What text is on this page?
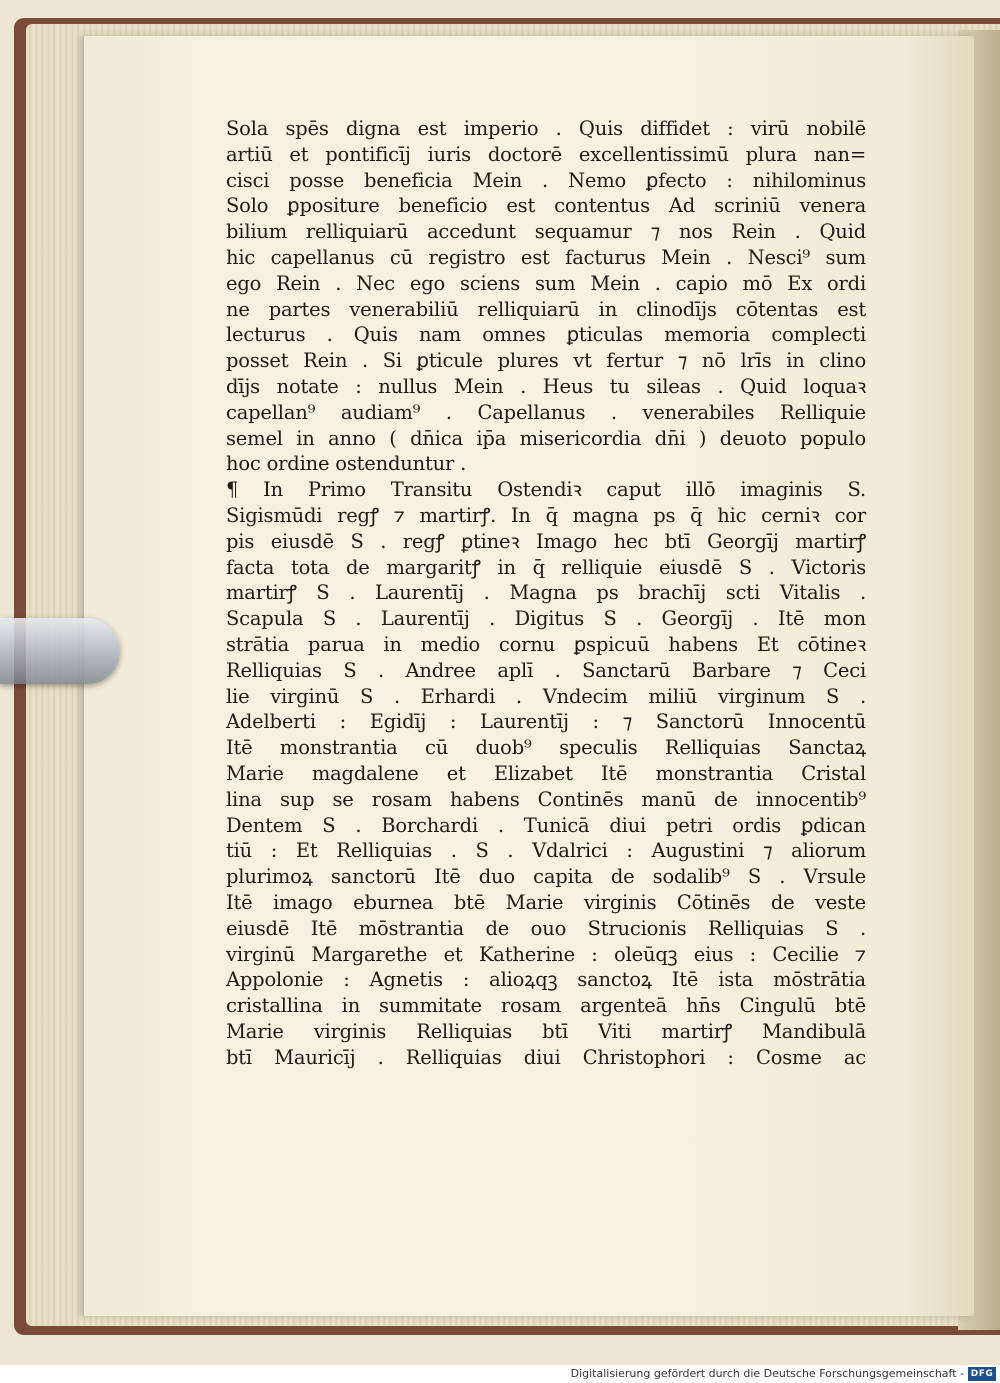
Sola spēs digna est imperio . Quis diffidet : virū nobilē
artiū et pontificīj iuris doctorē excellentissimū plura nan=
cisci posse beneficia Mein . Nemo ꝑfecto : nihilominus
Solo ꝑpositure beneficio est contentus Ad scriniū venera
bilium relliquiarū accedunt sequamur ⁊ nos Rein . Quid
hic capellanus cū registro est facturus Mein . Nesci⁹ sum
ego Rein . Nec ego sciens sum Mein . capio mō Ex ordi
ne partes venerabiliū relliquiarū in clinodīјs cōtentas est
lecturus . Quis nam omnes ꝑticulas memoria complecti
posset Rein . Si ꝑticule plures vt fertur ⁊ nō lrīs in clino
dīјs notate : nullus Mein . Heus tu sileas . Quid loquaꝛ
capellan⁹ audiam⁹ . Capellanus . venerabiles Relliquie
semel in anno ( dn̄ica ip̄a misericordia dn̄i ) deuoto populo
hoc ordine ostenduntur .
¶ In Primo Transitu Ostendiꝛ caput illō imaginis S.
Sigismūdi regꝭ ⁊ martirꝭ. In q̄ magna ps q̄ hic cerniꝛ cor
pis eiusdē S . regꝭ ꝑtineꝛ Imago hec btī Georgīј martirꝭ
facta tota de margaritꝭ in q̄ relliquie eiusdē S . Victoris
martirꝭ S . Laurentīј . Magna ps brachīј scti Vitalis .
Scapula S . Laurentīј . Digitus S . Georgīј . Itē mon
strātia parua in medio cornu ꝑspicuū habens Et cōtineꝛ
Relliquias S . Andree aplī . Sanctarū Barbare ⁊ Ceci
lie virginū S . Erhardi . Vndecim miliū virginum S .
Adelberti : Egidīј : Laurentīј : ⁊ Sanctorū Innocentū
Itē monstrantia cū duob⁹ speculis Relliquias Sanctaꝝ
Marie magdalene et Elizabet Itē monstrantia Cristal
lina sup se rosam habens Continēs manū de innocentib⁹
Dentem S . Borchardi . Tunicā diui petri ordis ꝑdican
tiū : Et Relliquias . S . Vdalrici : Augustini ⁊ aliorum
plurimoꝝ sanctorū Itē duo capita de sodalib⁹ S . Vrsule
Itē imago eburnea btē Marie virginis Cōtinēs de veste
eiusdē Itē mōstrantia de ouo Strucionis Relliquias S .
virginū Margarethe et Katherine : oleūqꝫ eius : Cecilie ⁊
Appolonie : Agnetis : alioꝝqꝫ sanctoꝝ Itē ista mōstrātia
cristallina in summitate rosam argenteā hn̄s Cingulū btē
Marie virginis Relliquias btī Viti martirꝭ Mandibulā
btī Mauricīј . Relliquias diui Christophori : Cosme ac
Digitalisierung gefördert durch die Deutsche Forschungsgemeinschaft - DFG
